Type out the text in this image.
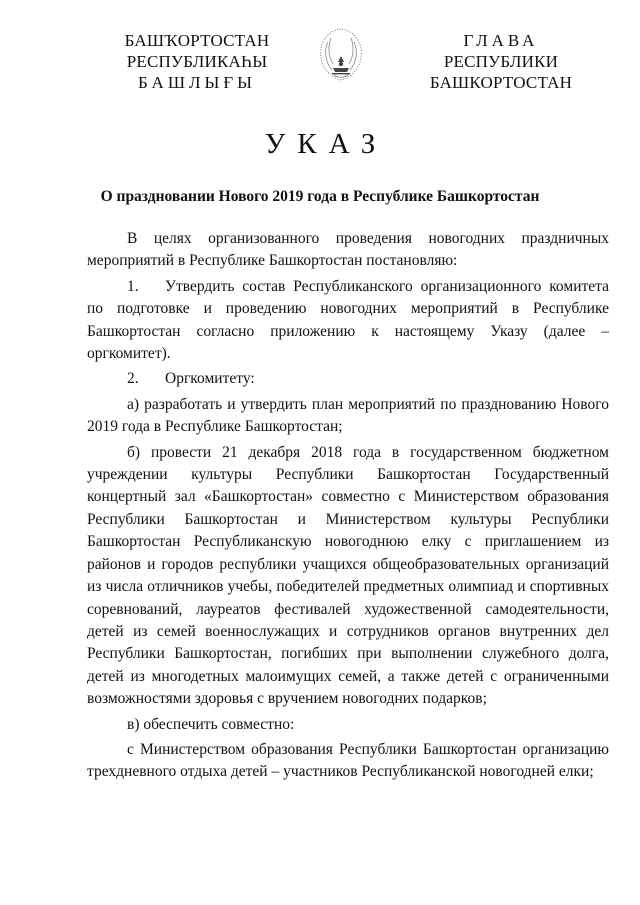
БАШҠОРТОСТАН
РЕСПУБЛИКАҺЫ
БАШЛЫҒЫ
ГЛАВА
РЕСПУБЛИКИ
БАШКОРТОСТАН
УКАЗ
О праздновании Нового 2019 года в Республике Башкортостан

В целях организованного проведения новогодних праздничных мероприятий в Республике Башкортостан постановляю:

1. Утвердить состав Республиканского организационного комитета по подготовке и проведению новогодних мероприятий в Республике Башкортостан согласно приложению к настоящему Указу (далее – оргкомитет).

2. Оргкомитету:

а) разработать и утвердить план мероприятий по празднованию Нового 2019 года в Республике Башкортостан;

б) провести 21 декабря 2018 года в государственном бюджетном учреждении культуры Республики Башкортостан Государственный концертный зал «Башкортостан» совместно с Министерством образования Республики Башкортостан и Министерством культуры Республики Башкортостан Республиканскую новогоднюю елку с приглашением из районов и городов республики учащихся общеобразовательных организаций из числа отличников учебы, победителей предметных олимпиад и спортивных соревнований, лауреатов фестивалей художественной самодеятельности, детей из семей военнослужащих и сотрудников органов внутренних дел Республики Башкортостан, погибших при выполнении служебного долга, детей из многодетных малоимущих семей, а также детей с ограниченными возможностями здоровья с вручением новогодних подарков;

в) обеспечить совместно:

с Министерством образования Республики Башкортостан организацию трехдневного отдыха детей – участников Республиканской новогодней елки;
